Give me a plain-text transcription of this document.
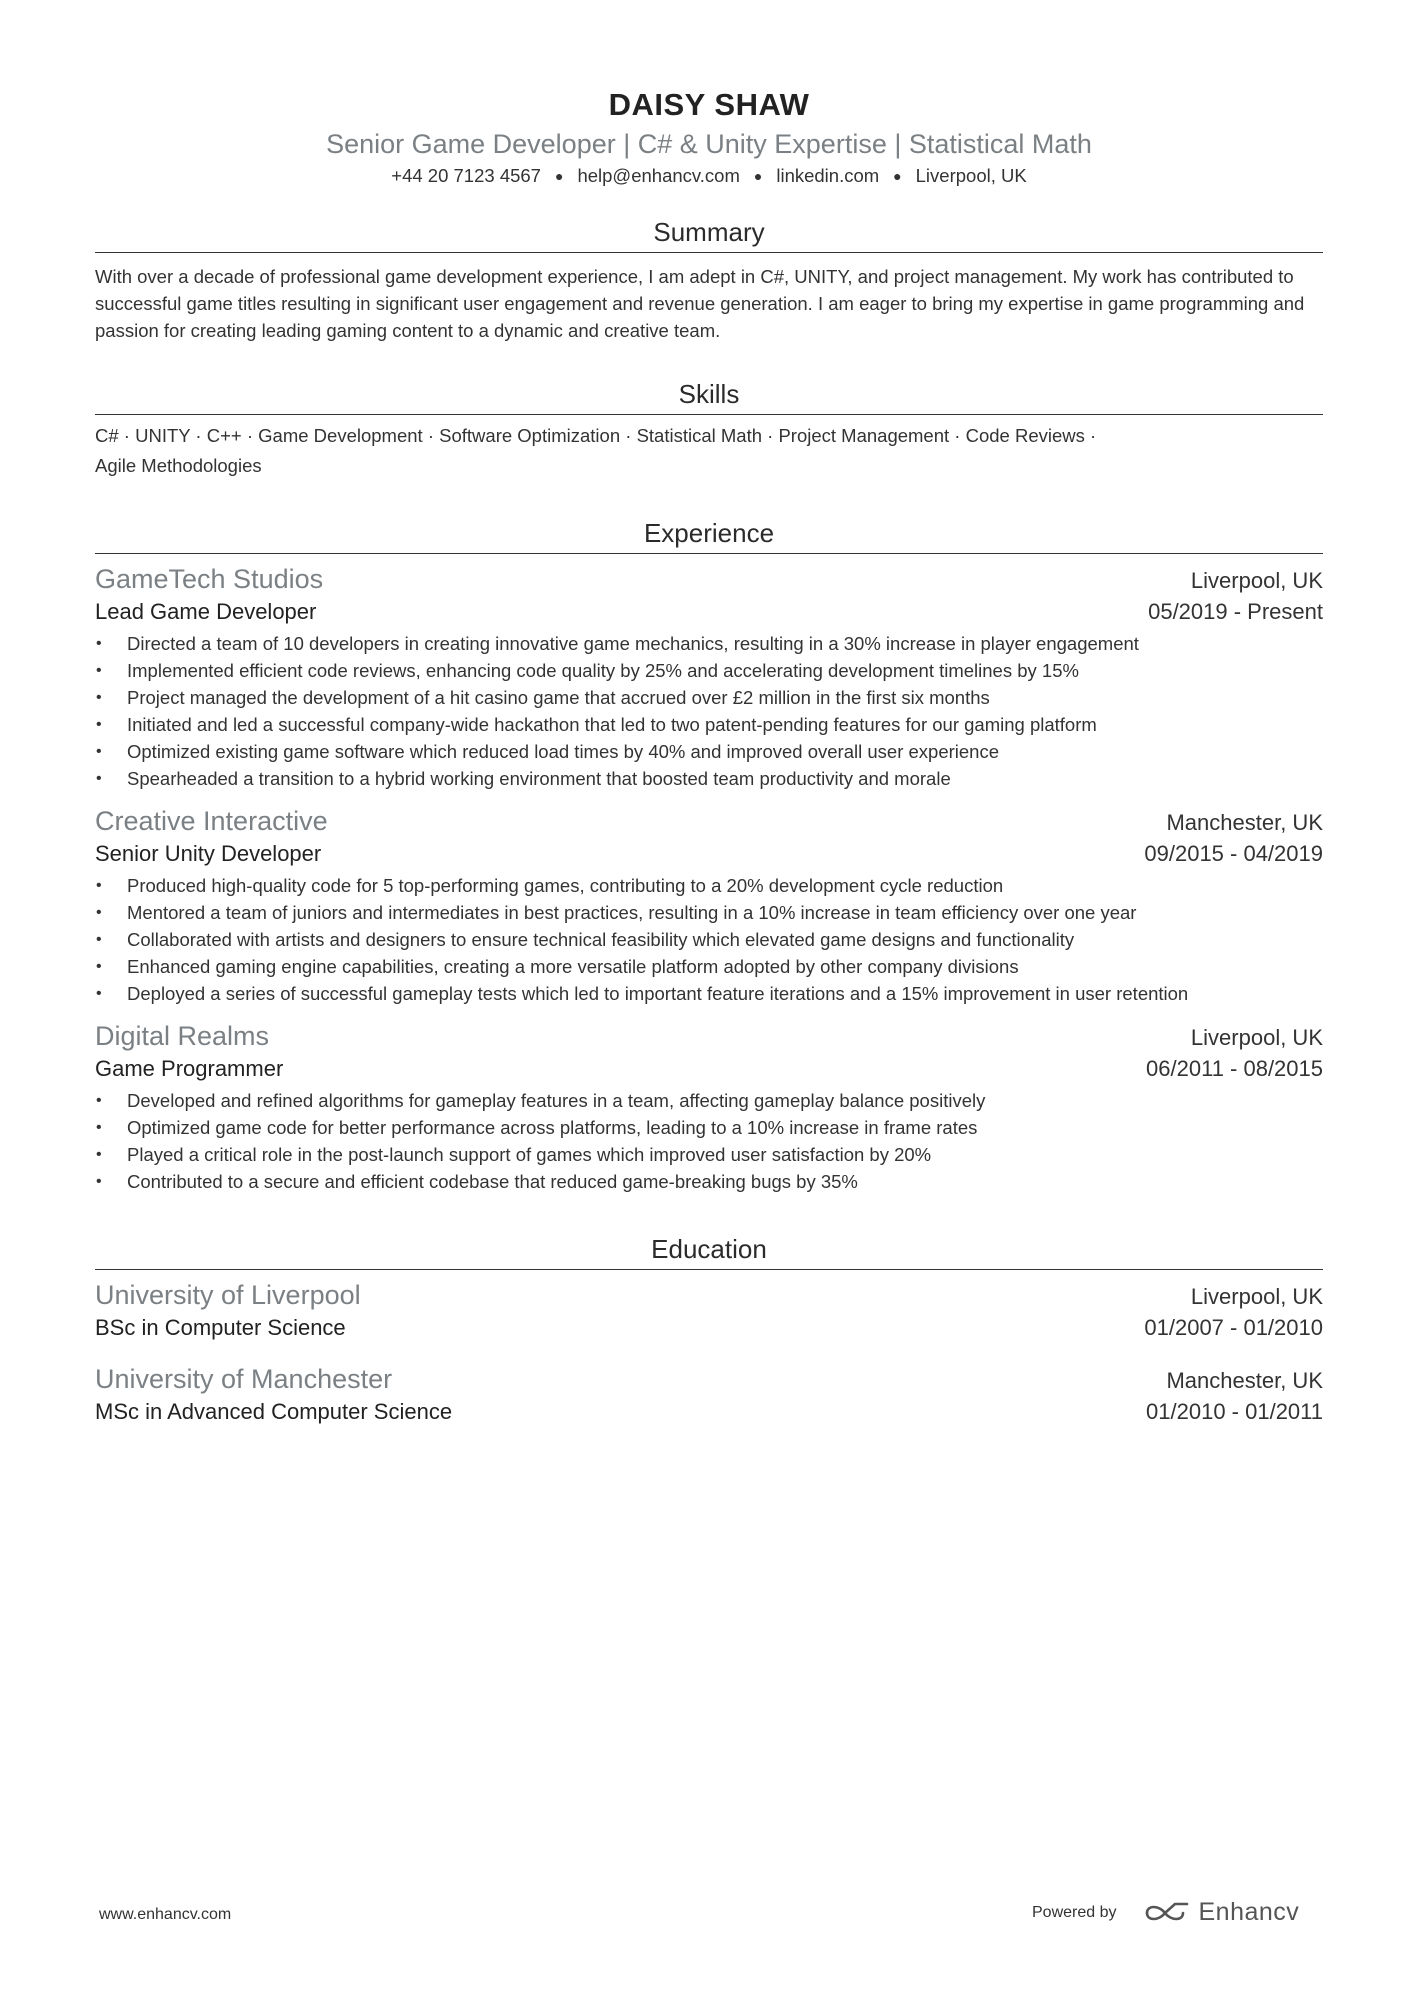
DAISY SHAW
Senior Game Developer | C# & Unity Expertise | Statistical Math
+44 20 7123 4567 ● help@enhancv.com ● linkedin.com ● Liverpool, UK
Summary
With over a decade of professional game development experience, I am adept in C#, UNITY, and project management. My work has contributed to successful game titles resulting in significant user engagement and revenue generation. I am eager to bring my expertise in game programming and passion for creating leading gaming content to a dynamic and creative team.
Skills
C# · UNITY · C++ · Game Development · Software Optimization · Statistical Math · Project Management · Code Reviews ·
Agile Methodologies
Experience
GameTech Studios	Liverpool, UK
Lead Game Developer	05/2019 - Present
• Directed a team of 10 developers in creating innovative game mechanics, resulting in a 30% increase in player engagement
• Implemented efficient code reviews, enhancing code quality by 25% and accelerating development timelines by 15%
• Project managed the development of a hit casino game that accrued over £2 million in the first six months
• Initiated and led a successful company-wide hackathon that led to two patent-pending features for our gaming platform
• Optimized existing game software which reduced load times by 40% and improved overall user experience
• Spearheaded a transition to a hybrid working environment that boosted team productivity and morale
Creative Interactive	Manchester, UK
Senior Unity Developer	09/2015 - 04/2019
• Produced high-quality code for 5 top-performing games, contributing to a 20% development cycle reduction
• Mentored a team of juniors and intermediates in best practices, resulting in a 10% increase in team efficiency over one year
• Collaborated with artists and designers to ensure technical feasibility which elevated game designs and functionality
• Enhanced gaming engine capabilities, creating a more versatile platform adopted by other company divisions
• Deployed a series of successful gameplay tests which led to important feature iterations and a 15% improvement in user retention
Digital Realms	Liverpool, UK
Game Programmer	06/2011 - 08/2015
• Developed and refined algorithms for gameplay features in a team, affecting gameplay balance positively
• Optimized game code for better performance across platforms, leading to a 10% increase in frame rates
• Played a critical role in the post-launch support of games which improved user satisfaction by 20%
• Contributed to a secure and efficient codebase that reduced game-breaking bugs by 35%
Education
University of Liverpool	Liverpool, UK
BSc in Computer Science	01/2007 - 01/2010
University of Manchester	Manchester, UK
MSc in Advanced Computer Science	01/2010 - 01/2011
www.enhancv.com	Powered by	Enhancv
